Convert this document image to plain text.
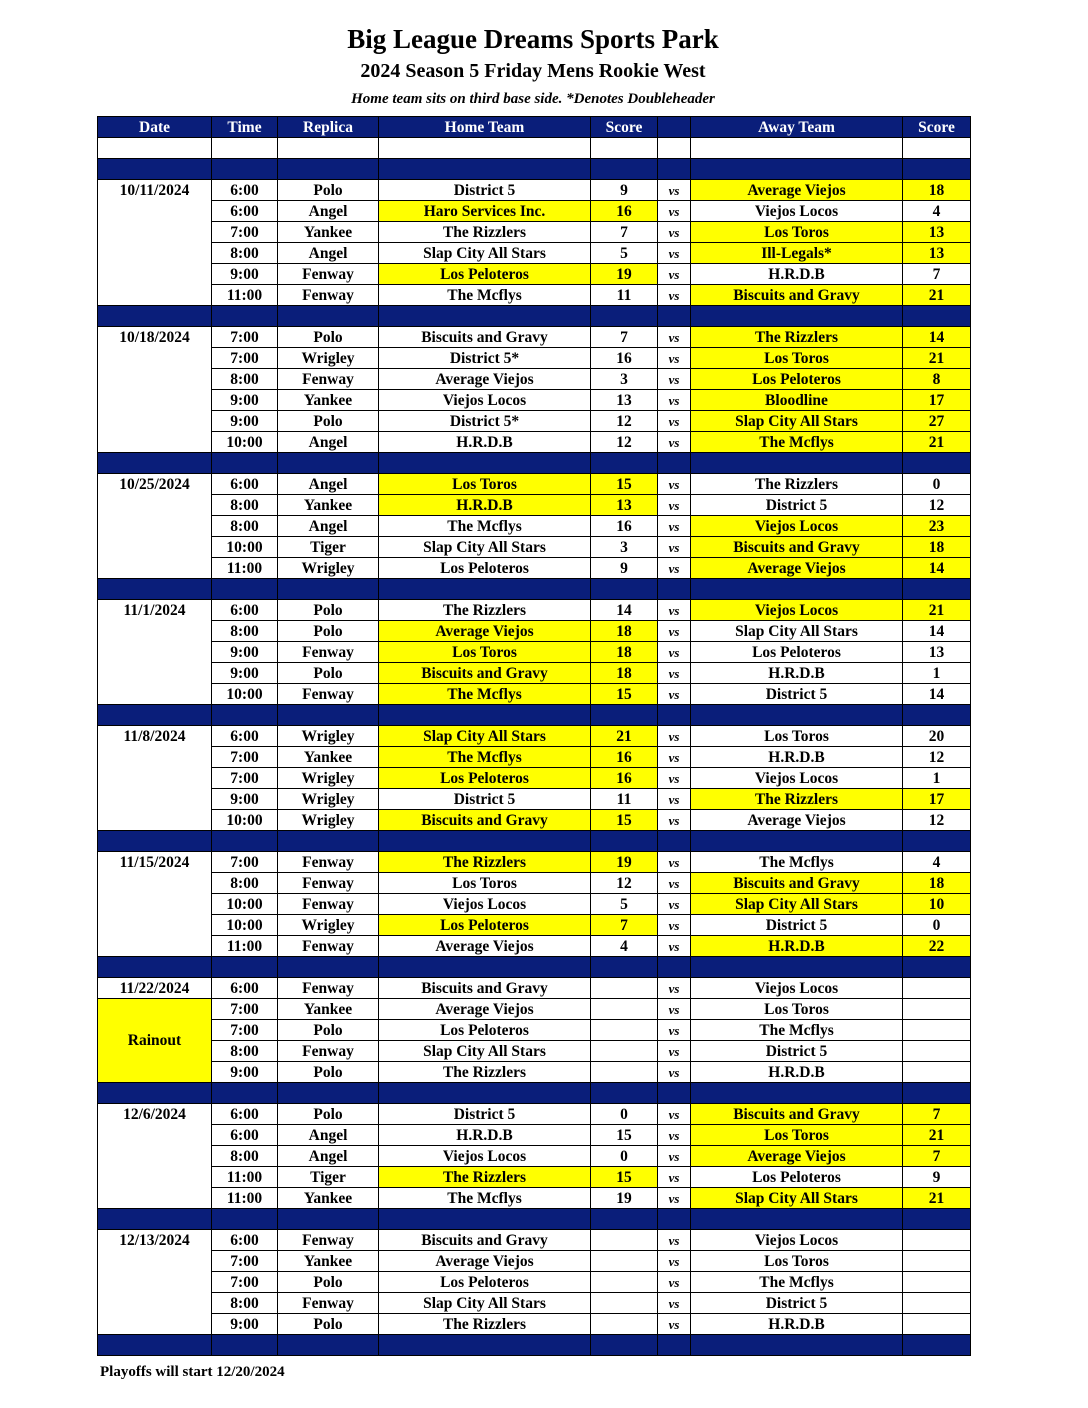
Big League Dreams Sports Park
2024 Season 5 Friday Mens Rookie West
Home team sits on third base side. *Denotes Doubleheader
Date	Time	Replica	Home Team	Score		Away Team	Score

10/11/2024	6:00	Polo	District 5	9	vs	Average Viejos	18
	6:00	Angel	Haro Services Inc.	16	vs	Viejos Locos	4
	7:00	Yankee	The Rizzlers	7	vs	Los Toros	13
	8:00	Angel	Slap City All Stars	5	vs	Ill-Legals*	13
	9:00	Fenway	Los Peloteros	19	vs	H.R.D.B	7
	11:00	Fenway	The Mcflys	11	vs	Biscuits and Gravy	21

10/18/2024	7:00	Polo	Biscuits and Gravy	7	vs	The Rizzlers	14
	7:00	Wrigley	District 5*	16	vs	Los Toros	21
	8:00	Fenway	Average Viejos	3	vs	Los Peloteros	8
	9:00	Yankee	Viejos Locos	13	vs	Bloodline	17
	9:00	Polo	District 5*	12	vs	Slap City All Stars	27
	10:00	Angel	H.R.D.B	12	vs	The Mcflys	21

10/25/2024	6:00	Angel	Los Toros	15	vs	The Rizzlers	0
	8:00	Yankee	H.R.D.B	13	vs	District 5	12
	8:00	Angel	The Mcflys	16	vs	Viejos Locos	23
	10:00	Tiger	Slap City All Stars	3	vs	Biscuits and Gravy	18
	11:00	Wrigley	Los Peloteros	9	vs	Average Viejos	14

11/1/2024	6:00	Polo	The Rizzlers	14	vs	Viejos Locos	21
	8:00	Polo	Average Viejos	18	vs	Slap City All Stars	14
	9:00	Fenway	Los Toros	18	vs	Los Peloteros	13
	9:00	Polo	Biscuits and Gravy	18	vs	H.R.D.B	1
	10:00	Fenway	The Mcflys	15	vs	District 5	14

11/8/2024	6:00	Wrigley	Slap City All Stars	21	vs	Los Toros	20
	7:00	Yankee	The Mcflys	16	vs	H.R.D.B	12
	7:00	Wrigley	Los Peloteros	16	vs	Viejos Locos	1
	9:00	Wrigley	District 5	11	vs	The Rizzlers	17
	10:00	Wrigley	Biscuits and Gravy	15	vs	Average Viejos	12

11/15/2024	7:00	Fenway	The Rizzlers	19	vs	The Mcflys	4
	8:00	Fenway	Los Toros	12	vs	Biscuits and Gravy	18
	10:00	Fenway	Viejos Locos	5	vs	Slap City All Stars	10
	10:00	Wrigley	Los Peloteros	7	vs	District 5	0
	11:00	Fenway	Average Viejos	4	vs	H.R.D.B	22

11/22/2024	6:00	Fenway	Biscuits and Gravy		vs	Viejos Locos	
Rainout	7:00	Yankee	Average Viejos		vs	Los Toros	
	7:00	Polo	Los Peloteros		vs	The Mcflys	
	8:00	Fenway	Slap City All Stars		vs	District 5	
	9:00	Polo	The Rizzlers		vs	H.R.D.B	

12/6/2024	6:00	Polo	District 5	0	vs	Biscuits and Gravy	7
	6:00	Angel	H.R.D.B	15	vs	Los Toros	21
	8:00	Angel	Viejos Locos	0	vs	Average Viejos	7
	11:00	Tiger	The Rizzlers	15	vs	Los Peloteros	9
	11:00	Yankee	The Mcflys	19	vs	Slap City All Stars	21

12/13/2024	6:00	Fenway	Biscuits and Gravy		vs	Viejos Locos	
	7:00	Yankee	Average Viejos		vs	Los Toros	
	7:00	Polo	Los Peloteros		vs	The Mcflys	
	8:00	Fenway	Slap City All Stars		vs	District 5	
	9:00	Polo	The Rizzlers		vs	H.R.D.B	

Playoffs will start 12/20/2024
